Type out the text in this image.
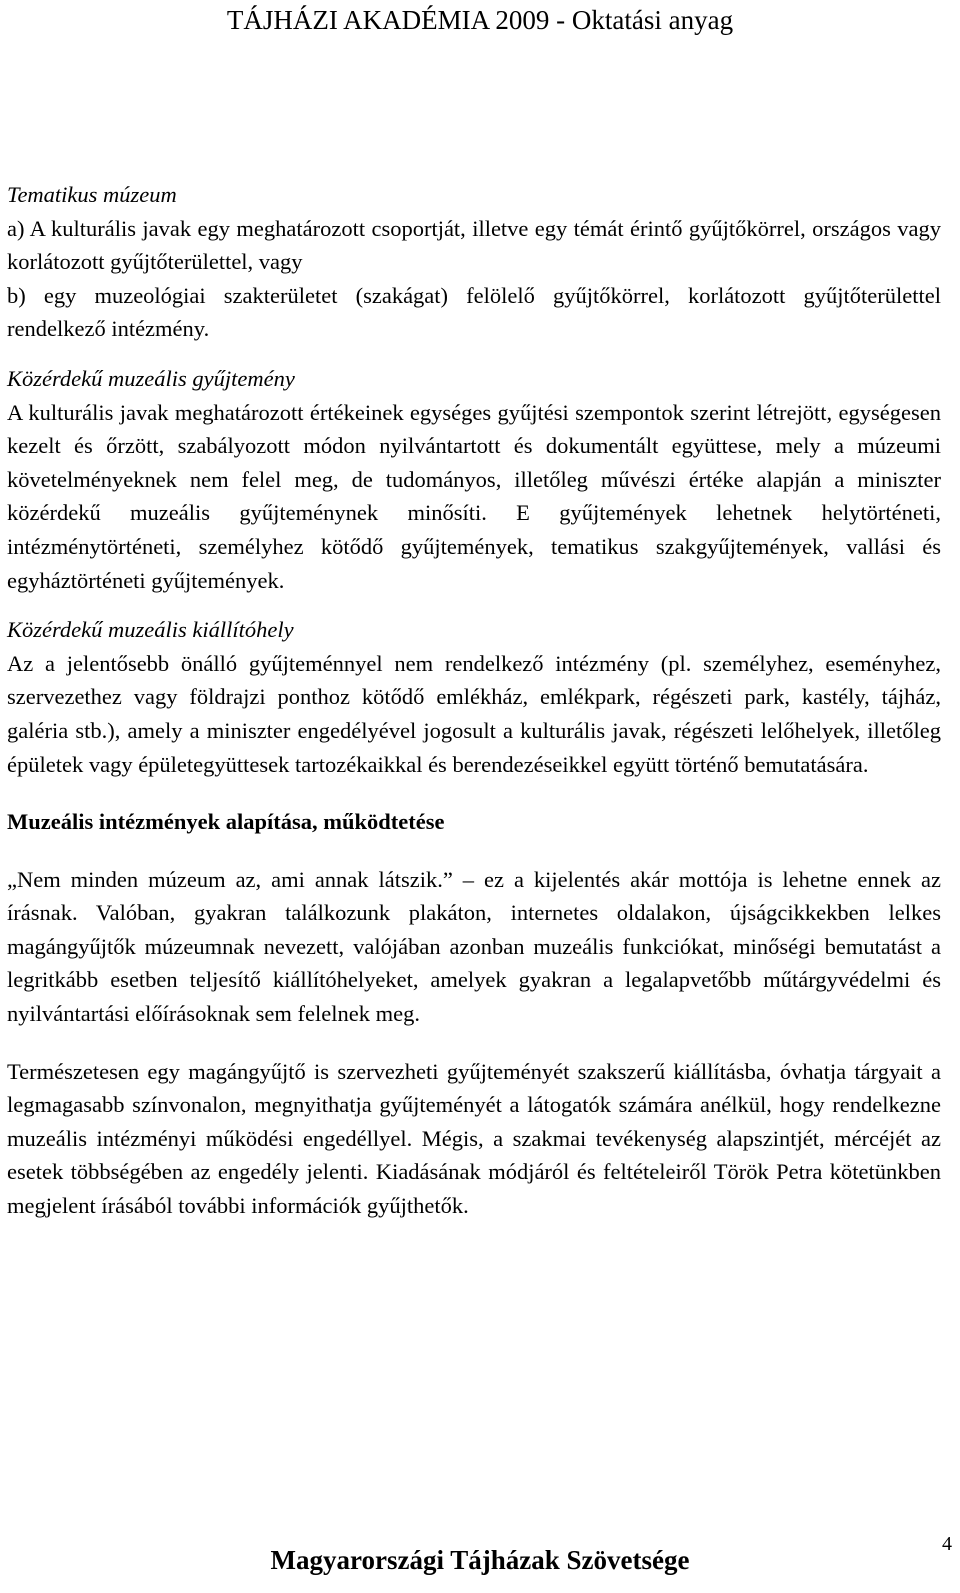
TÁJHÁZI AKADÉMIA 2009 - Oktatási anyag

Tematikus múzeum

a) A kulturális javak egy meghatározott csoportját, illetve egy témát érintő gyűjtőkörrel, országos vagy korlátozott gyűjtőterülettel, vagy

b) egy muzeológiai szakterületet (szakágat) felölelő gyűjtőkörrel, korlátozott gyűjtőterülettel rendelkező intézmény.

Közérdekű muzeális gyűjtemény

A kulturális javak meghatározott értékeinek egységes gyűjtési szempontok szerint létrejött, egységesen kezelt és őrzött, szabályozott módon nyilvántartott és dokumentált együttese, mely a múzeumi követelményeknek nem felel meg, de tudományos, illetőleg művészi értéke alapján a miniszter közérdekű muzeális gyűjteménynek minősíti. E gyűjtemények lehetnek helytörténeti, intézménytörténeti, személyhez kötődő gyűjtemények, tematikus szakgyűjtemények, vallási és egyháztörténeti gyűjtemények.

Közérdekű muzeális kiállítóhely

Az a jelentősebb önálló gyűjteménnyel nem rendelkező intézmény (pl. személyhez, eseményhez, szervezethez vagy földrajzi ponthoz kötődő emlékház, emlékpark, régészeti park, kastély, tájház, galéria stb.), amely a miniszter engedélyével jogosult a kulturális javak, régészeti lelőhelyek, illetőleg épületek vagy épületegyüttesek tartozékaikkal és berendezéseikkel együtt történő bemutatására.

Muzeális intézmények alapítása, működtetése

„Nem minden múzeum az, ami annak látszik.” – ez a kijelentés akár mottója is lehetne ennek az írásnak. Valóban, gyakran találkozunk plakáton, internetes oldalakon, újságcikkekben lelkes magángyűjtők múzeumnak nevezett, valójában azonban muzeális funkciókat, minőségi bemutatást a legritkább esetben teljesítő kiállítóhelyeket, amelyek gyakran a legalapvetőbb műtárgyvédelmi és nyilvántartási előírásoknak sem felelnek meg.

Természetesen egy magángyűjtő is szervezheti gyűjteményét szakszerű kiállításba, óvhatja tárgyait a legmagasabb színvonalon, megnyithatja gyűjteményét a látogatók számára anélkül, hogy rendelkezne muzeális intézményi működési engedéllyel. Mégis, a szakmai tevékenység alapszintjét, mércéjét az esetek többségében az engedély jelenti. Kiadásának módjáról és feltételeiről Török Petra kötetünkben megjelent írásából további információk gyűjthetők.

Magyarországi Tájházak Szövetsége
4
